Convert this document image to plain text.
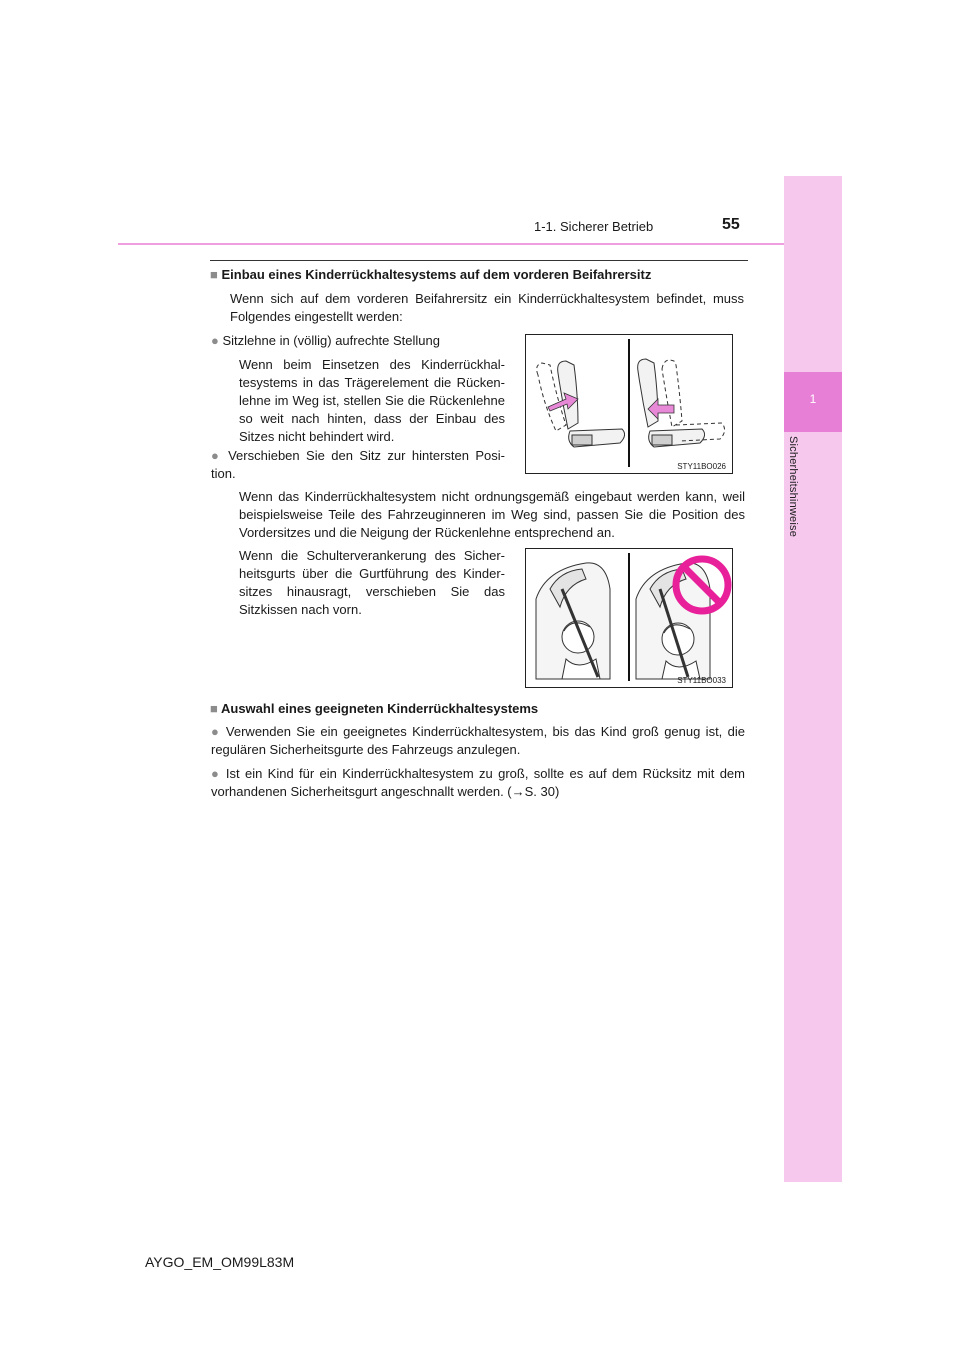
1
Sicherheitshinweise
1-1. Sicherer Betrieb	55
■ Einbau eines Kinderrückhaltesystems auf dem vorderen Beifahrersitz
Wenn sich auf dem vorderen Beifahrersitz ein Kinderrückhaltesystem befindet, muss Folgendes eingestellt werden:
● Sitzlehne in (völlig) aufrechte Stellung
Wenn beim Einsetzen des Kinderrückhal-tesystems in das Trägerelement die Rücken-lehne im Weg ist, stellen Sie die Rückenlehne so weit nach hinten, dass der Einbau des Sitzes nicht behindert wird.
● Verschieben Sie den Sitz zur hintersten Posi-tion.
Wenn das Kinderrückhaltesystem nicht ordnungsgemäß eingebaut werden kann, weil beispielsweise Teile des Fahrzeuginneren im Weg sind, passen Sie die Position des Vordersitzes und die Neigung der Rückenlehne entsprechend an.
Wenn die Schulterverankerung des Sicher-heitsgurts über die Gurtführung des Kinder-sitzes hinausragt, verschieben Sie das Sitzkissen nach vorn.
STY11BO026
STY11BO033
■ Auswahl eines geeigneten Kinderrückhaltesystems
● Verwenden Sie ein geeignetes Kinderrückhaltesystem, bis das Kind groß genug ist, die regulären Sicherheitsgurte des Fahrzeugs anzulegen.
● Ist ein Kind für ein Kinderrückhaltesystem zu groß, sollte es auf dem Rücksitz mit dem vorhandenen Sicherheitsgurt angeschnallt werden. (→S. 30)
AYGO_EM_OM99L83M
